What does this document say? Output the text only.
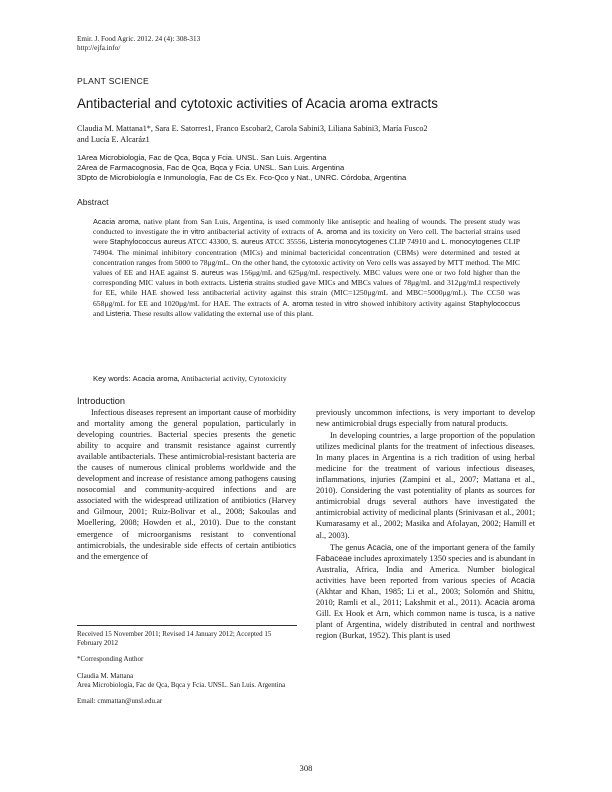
Emir. J. Food Agric. 2012. 24 (4): 308-313
http://ejfa.info/
PLANT SCIENCE
Antibacterial and cytotoxic activities of Acacia aroma extracts
Claudia M. Mattana1*, Sara E. Satorres1, Franco Escobar2, Carola Sabini3, Liliana Sabini3, María Fusco2
and Lucía E. Alcaráz1
1Area Microbiología, Fac de Qca, Bqca y Fcia. UNSL. San Luis. Argentina
2Area de Farmacognosia, Fac de Qca, Bqca y Fcia. UNSL. San Luis. Argentina
3Dpto de Microbiología e Inmunología, Fac de Cs Ex. Fco-Qco y Nat., UNRC. Córdoba, Argentina
Abstract
Acacia aroma, native plant from San Luis, Argentina, is used commonly like antiseptic and healing of wounds. The present study was conducted to investigate the in vitro antibacterial activity of extracts of A. aroma and its toxicity on Vero cell. The bacterial strains used were Staphylococcus aureus ATCC 43300, S. aureus ATCC 35556, Listeria monocytogenes CLIP 74910 and L. monocytogenes CLIP 74904. The minimal inhibitory concentration (MICs) and minimal bactericidal concentration (CBMs) were determined and tested at concentration ranges from 5000 to 78μg/mL. On the other hand, the cytotoxic activity on Vero cells was assayed by MTT method. The MIC values of EE and HAE against S. aureus was 156μg/mL and 625μg/mL respectively. MBC values were one or two fold higher than the corresponding MIC values in both extracts. Listeria strains studied gave MICs and MBCs values of 78μg/mL and 312μg/mLl respectively for EE, while HAE showed less antibacterial activity against this strain (MIC=1250μg/mL and MBC=5000μg/mL). The CC50 was 658μg/mL for EE and 1020μg/mL for HAE. The extracts of A. aroma tested in vitro showed inhibitory activity against Staphylococcus and Listeria. These results allow validating the external use of this plant.
Key words: Acacia aroma, Antibacterial activity, Cytotoxicity
Introduction

Infectious diseases represent an important cause of morbidity and mortality among the general population, particularly in developing countries. Bacterial species presents the genetic ability to acquire and transmit resistance against currently available antibacterials. These antimicrobial-resistant bacteria are the causes of numerous clinical problems worldwide and the development and increase of resistance among pathogens causing nosocomial and community-acquired infections and are associated with the widespread utilization of antibiotics (Harvey and Gilmour, 2001; Ruiz-Bolivar et al., 2008; Sakoulas and Moellering, 2008; Howden et al., 2010). Due to the constant emergence of microorganisms resistant to conventional antimicrobials, the undesirable side effects of certain antibiotics and the emergence of

previously uncommon infections, is very important to develop new antimicrobial drugs especially from natural products.

In developing countries, a large proportion of the population utilizes medicinal plants for the treatment of infectious diseases. In many places in Argentina is a rich tradition of using herbal medicine for the treatment of various infectious diseases, inflammations, injuries (Zampini et al., 2007; Mattana et al., 2010). Considering the vast potentiality of plants as sources for antimicrobial drugs several authors have investigated the antimicrobial activity of medicinal plants (Srinivasan et al., 2001; Kumarasamy et al., 2002; Masika and Afolayan, 2002; Hamill et al., 2003).

The genus Acacia, one of the important genera of the family Fabaceae includes aproximately 1350 species and is abundant in Australia, Africa, India and America. Number biological activities have been reported from various species of Acacia (Akhtar and Khan, 1985; Li et al., 2003; Solomón and Shittu, 2010; Ramli et al., 2011; Lakshmit et al., 2011). Acacia aroma Gill. Ex Hook et Arn, which common name is tusca, is a native plant of Argentina, widely distributed in central and northwest region (Burkat, 1952). This plant is used

Received 15 November 2011; Revised 14 January 2012; Accepted 15 February 2012

*Corresponding Author

Claudia M. Mattana
Area Microbiología, Fac de Qca, Bqca y Fcia. UNSL. San Luis. Argentina

Email: cmmattan@unsl.edu.ar

308
